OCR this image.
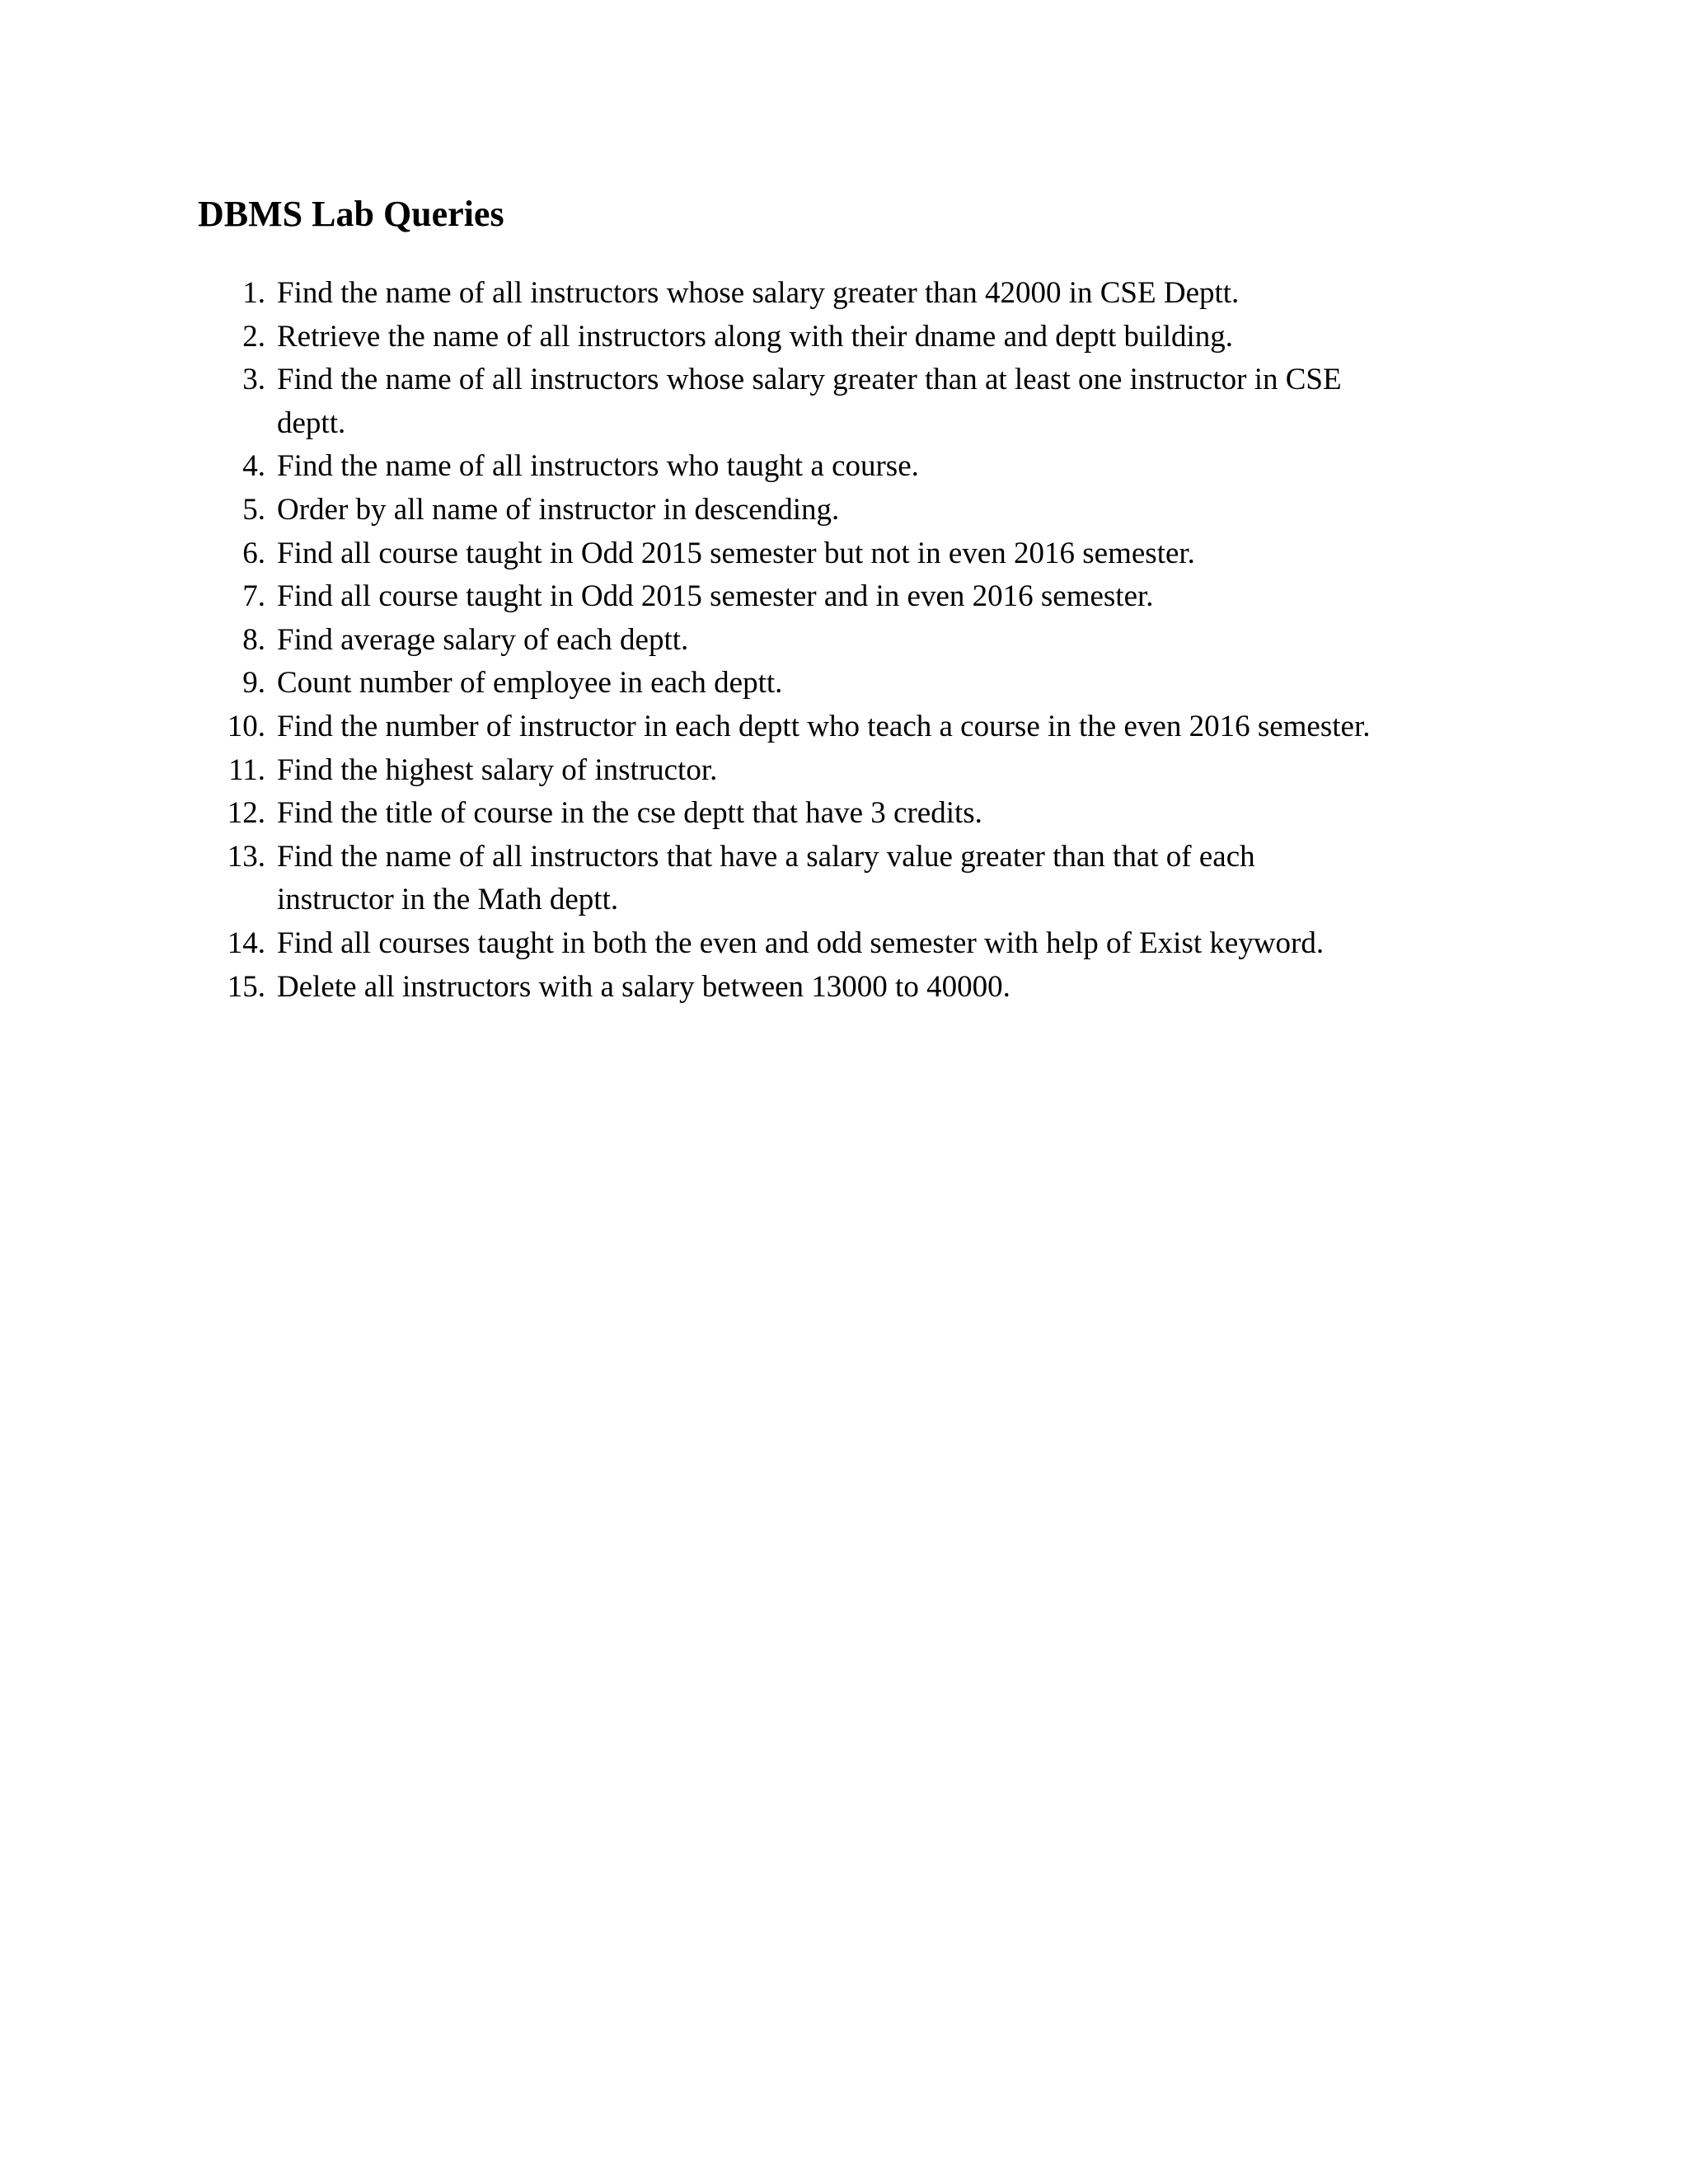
DBMS Lab Queries
1. Find the name of all instructors whose salary greater than 42000 in CSE Deptt.
2. Retrieve the name of all instructors along with their dname and deptt building.
3. Find the name of all instructors whose salary greater than at least one instructor in CSE
deptt.
4. Find the name of all instructors who taught a course.
5. Order by all name of instructor in descending.
6. Find all course taught in Odd 2015 semester but not in even 2016 semester.
7. Find all course taught in Odd 2015 semester and in even 2016 semester.
8. Find average salary of each deptt.
9. Count number of employee in each deptt.
10. Find the number of instructor in each deptt who teach a course in the even 2016 semester.
11. Find the highest salary of instructor.
12. Find the title of course in the cse deptt that have 3 credits.
13. Find the name of all instructors that have a salary value greater than that of each
instructor in the Math deptt.
14. Find all courses taught in both the even and odd semester with help of Exist keyword.
15. Delete all instructors with a salary between 13000 to 40000.
